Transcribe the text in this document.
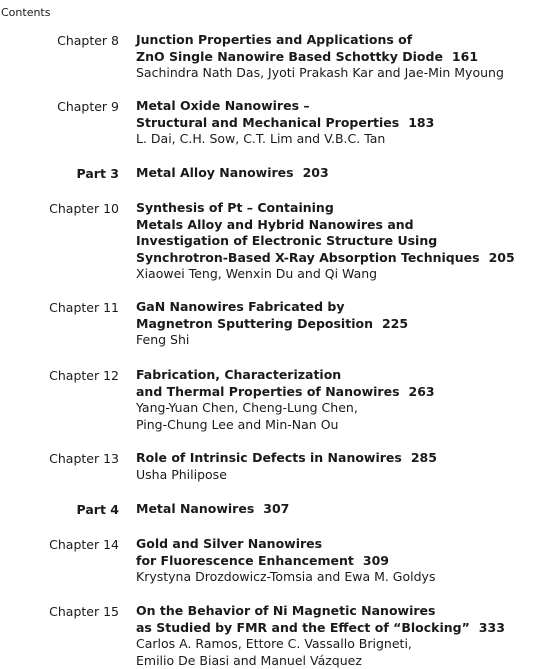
Contents
Chapter 8 Junction Properties and Applications of
ZnO Single Nanowire Based Schottky Diode 161
Sachindra Nath Das, Jyoti Prakash Kar and Jae-Min Myoung
Chapter 9 Metal Oxide Nanowires –
Structural and Mechanical Properties 183
L. Dai, C.H. Sow, C.T. Lim and V.B.C. Tan
Part 3 Metal Alloy Nanowires 203
Chapter 10 Synthesis of Pt – Containing
Metals Alloy and Hybrid Nanowires and
Investigation of Electronic Structure Using
Synchrotron-Based X-Ray Absorption Techniques 205
Xiaowei Teng, Wenxin Du and Qi Wang
Chapter 11 GaN Nanowires Fabricated by
Magnetron Sputtering Deposition 225
Feng Shi
Chapter 12 Fabrication, Characterization
and Thermal Properties of Nanowires 263
Yang-Yuan Chen, Cheng-Lung Chen,
Ping-Chung Lee and Min-Nan Ou
Chapter 13 Role of Intrinsic Defects in Nanowires 285
Usha Philipose
Part 4 Metal Nanowires 307
Chapter 14 Gold and Silver Nanowires
for Fluorescence Enhancement 309
Krystyna Drozdowicz-Tomsia and Ewa M. Goldys
Chapter 15 On the Behavior of Ni Magnetic Nanowires
as Studied by FMR and the Effect of “Blocking” 333
Carlos A. Ramos, Ettore C. Vassallo Brigneti,
Emilio De Biasi and Manuel Vázquez
